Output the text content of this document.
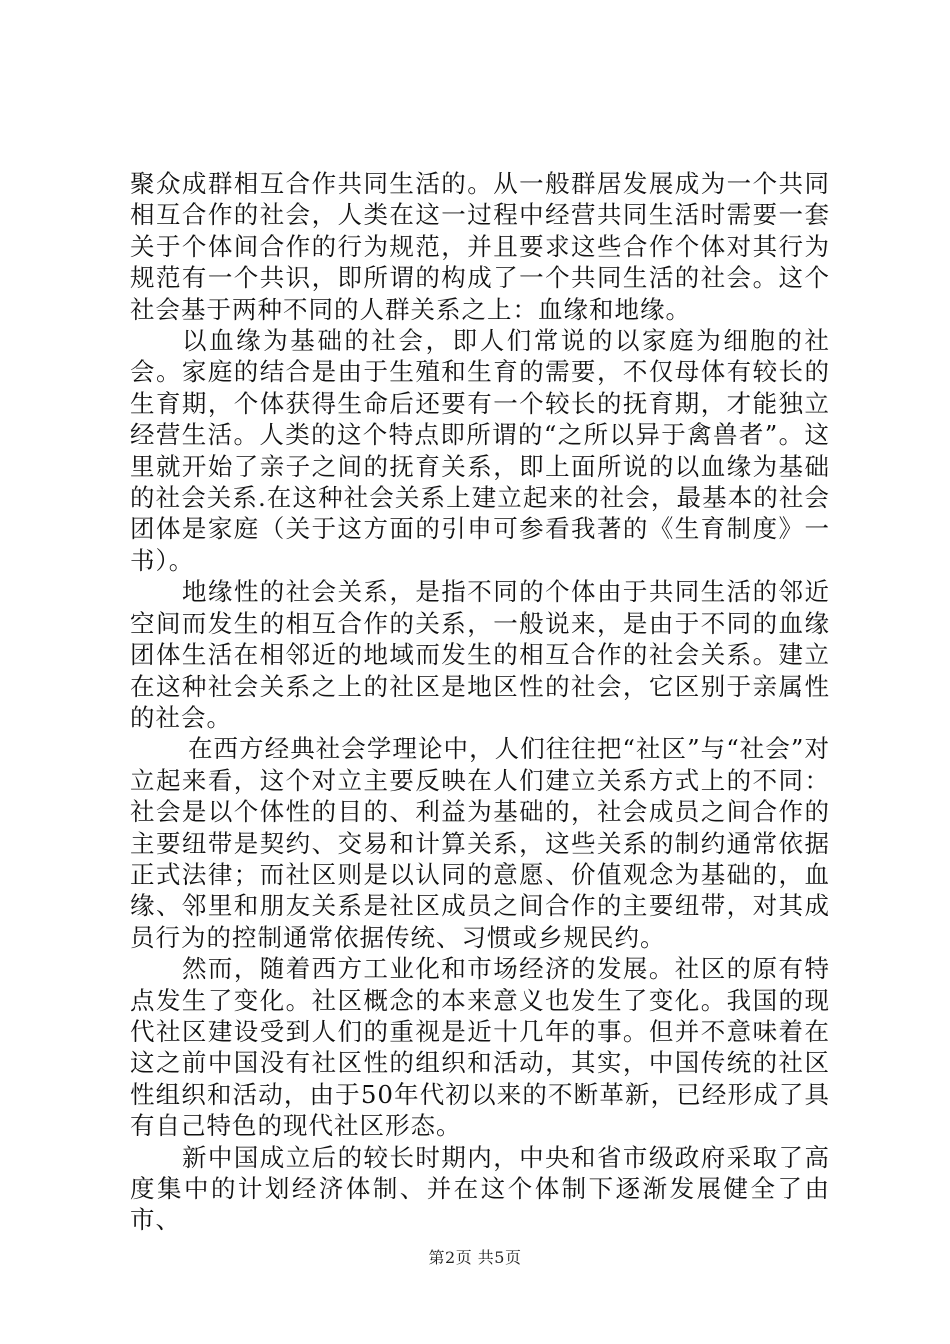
聚众成群相互合作共同生活的。从一般群居发展成为一个共同相互合作的社会，人类在这一过程中经营共同生活时需要一套关于个体间合作的行为规范，并且要求这些合作个体对其行为规范有一个共识，即所谓的构成了一个共同生活的社会。这个社会基于两种不同的人群关系之上：血缘和地缘。

以血缘为基础的社会，即人们常说的以家庭为细胞的社会。家庭的结合是由于生殖和生育的需要，不仅母体有较长的生育期，个体获得生命后还要有一个较长的抚育期，才能独立经营生活。人类的这个特点即所谓的“之所以异于禽兽者”。这里就开始了亲子之间的抚育关系，即上面所说的以血缘为基础的社会关系.在这种社会关系上建立起来的社会，最基本的社会团体是家庭（关于这方面的引申可参看我著的《生育制度》一书）。

地缘性的社会关系，是指不同的个体由于共同生活的邻近空间而发生的相互合作的关系，一般说来，是由于不同的血缘团体生活在相邻近的地域而发生的相互合作的社会关系。建立在这种社会关系之上的社区是地区性的社会，它区别于亲属性的社会。

在西方经典社会学理论中，人们往往把“社区”与“社会”对立起来看，这个对立主要反映在人们建立关系方式上的不同：社会是以个体性的目的、利益为基础的，社会成员之间合作的主要纽带是契约、交易和计算关系，这些关系的制约通常依据正式法律；而社区则是以认同的意愿、价值观念为基础的，血缘、邻里和朋友关系是社区成员之间合作的主要纽带，对其成员行为的控制通常依据传统、习惯或乡规民约。

然而，随着西方工业化和市场经济的发展。社区的原有特点发生了变化。社区概念的本来意义也发生了变化。我国的现代社区建设受到人们的重视是近十几年的事。但并不意味着在这之前中国没有社区性的组织和活动，其实，中国传统的社区性组织和活动，由于50年代初以来的不断革新，已经形成了具有自己特色的现代社区形态。

新中国成立后的较长时期内，中央和省市级政府采取了高度集中的计划经济体制、并在这个体制下逐渐发展健全了由市、

第2页 共5页
